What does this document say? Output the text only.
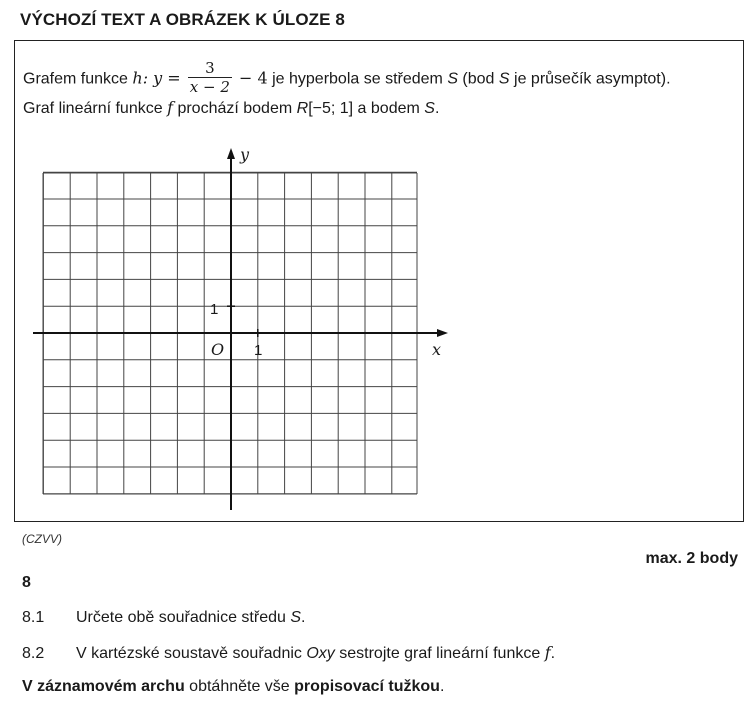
VÝCHOZÍ TEXT A OBRÁZEK K ÚLOZE 8
Grafem funkce h: $y = \frac{3}{x - 2} - 4$ je hyperbola se středem S (bod S je průsečík asymptot).
Graf lineární funkce f prochází bodem R[−5; 1] a bodem S.
y
x
O 1
1
(CZVV)
max. 2 body
8
8.1 Určete obě souřadnice středu S.
8.2 V kartézské soustavě souřadnic Oxy sestrojte graf lineární funkce f.
V záznamovém archu obtáhněte vše propisovací tužkou.
